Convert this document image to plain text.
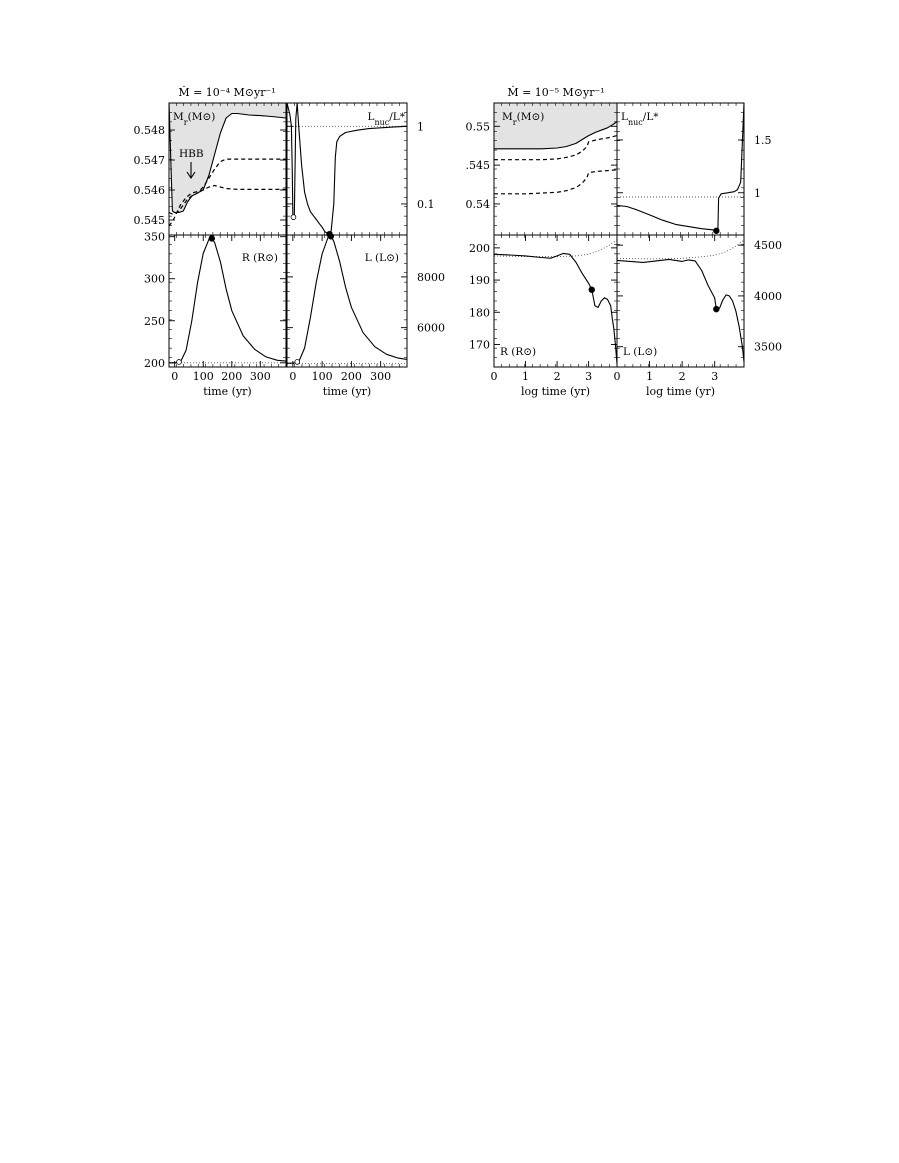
Ṁ = 10⁻⁴ M⊙yr⁻¹	Ṁ = 10⁻⁵ M⊙yr⁻¹
0.545
0.546
0.547
0.548
$M_r(M⊙)$
HBB
1
0.1
$L_{nuc}/L*$
200
250
300
350
0 100 200 300
time (yr)
R (R⊙)
6000
8000
0 100 200 300
time (yr)
L (L⊙)
0.54
.545
0.55
$M_r(M⊙)$
1
1.5
$L_{nuc}/L*$
170
180
190
200
0 1 2 3
log time (yr)
R (R⊙)	3500
4000
4500
0 1 2 3
log time (yr)
L (L⊙)
